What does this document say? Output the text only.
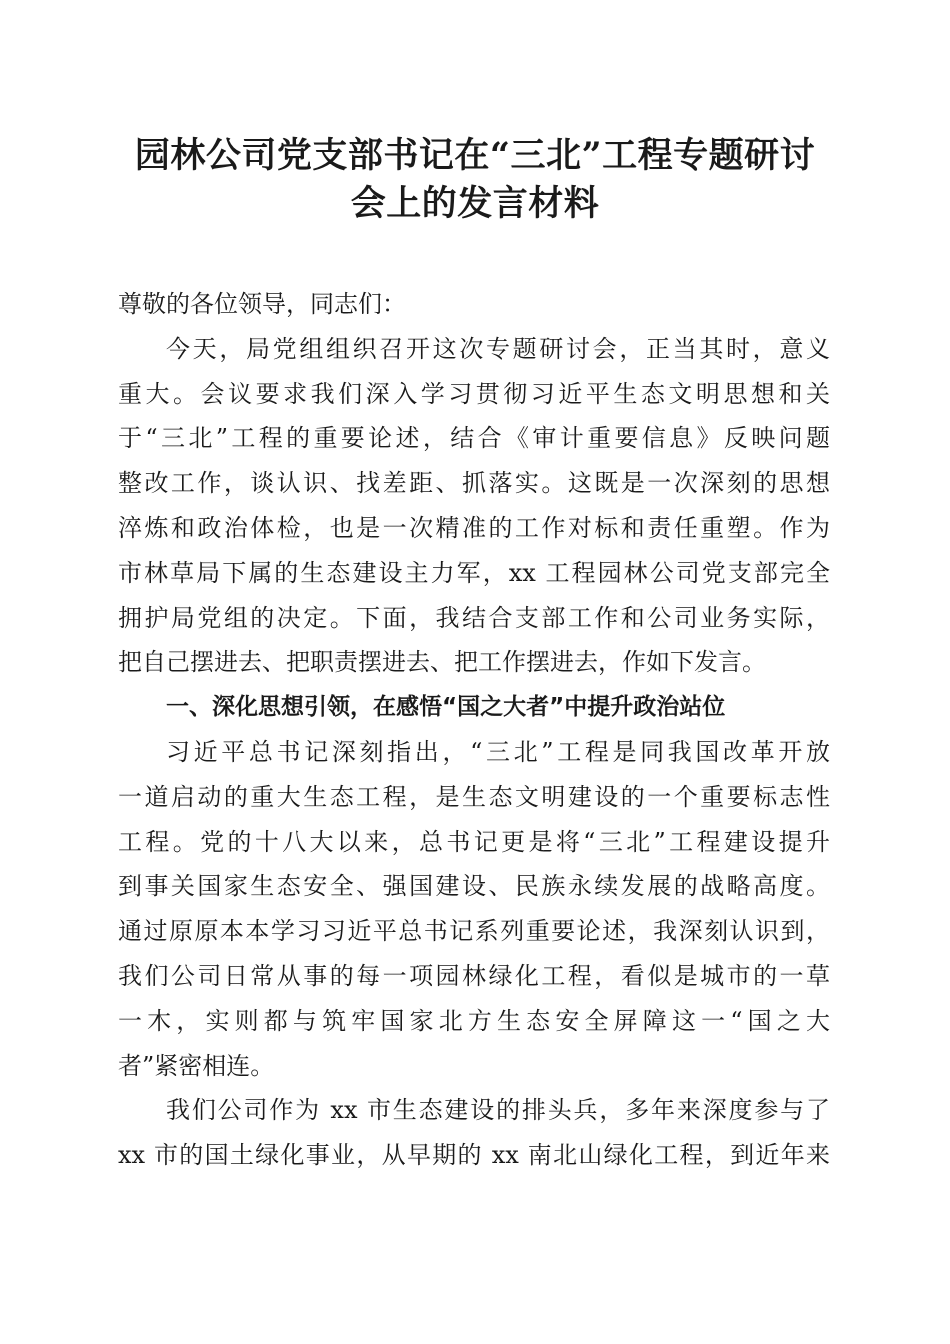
园林公司党支部书记在“三北”工程专题研讨
会上的发言材料
尊敬的各位领导，同志们：
今天，局党组组织召开这次专题研讨会，正当其时，意义
重大。会议要求我们深入学习贯彻习近平生态文明思想和关
于“三北”工程的重要论述，结合《审计重要信息》反映问题
整改工作，谈认识、找差距、抓落实。这既是一次深刻的思想
淬炼和政治体检，也是一次精准的工作对标和责任重塑。作为
市林草局下属的生态建设主力军，xx 工程园林公司党支部完全
拥护局党组的决定。下面，我结合支部工作和公司业务实际，
把自己摆进去、把职责摆进去、把工作摆进去，作如下发言。
一、深化思想引领，在感悟“国之大者”中提升政治站位
习近平总书记深刻指出，“三北”工程是同我国改革开放
一道启动的重大生态工程，是生态文明建设的一个重要标志性
工程。党的十八大以来，总书记更是将“三北”工程建设提升
到事关国家生态安全、强国建设、民族永续发展的战略高度。
通过原原本本学习习近平总书记系列重要论述，我深刻认识到，
我们公司日常从事的每一项园林绿化工程，看似是城市的一草
一木，实则都与筑牢国家北方生态安全屏障这一“国之大
者”紧密相连。
我们公司作为 xx 市生态建设的排头兵，多年来深度参与了
xx 市的国土绿化事业，从早期的 xx 南北山绿化工程，到近年来
